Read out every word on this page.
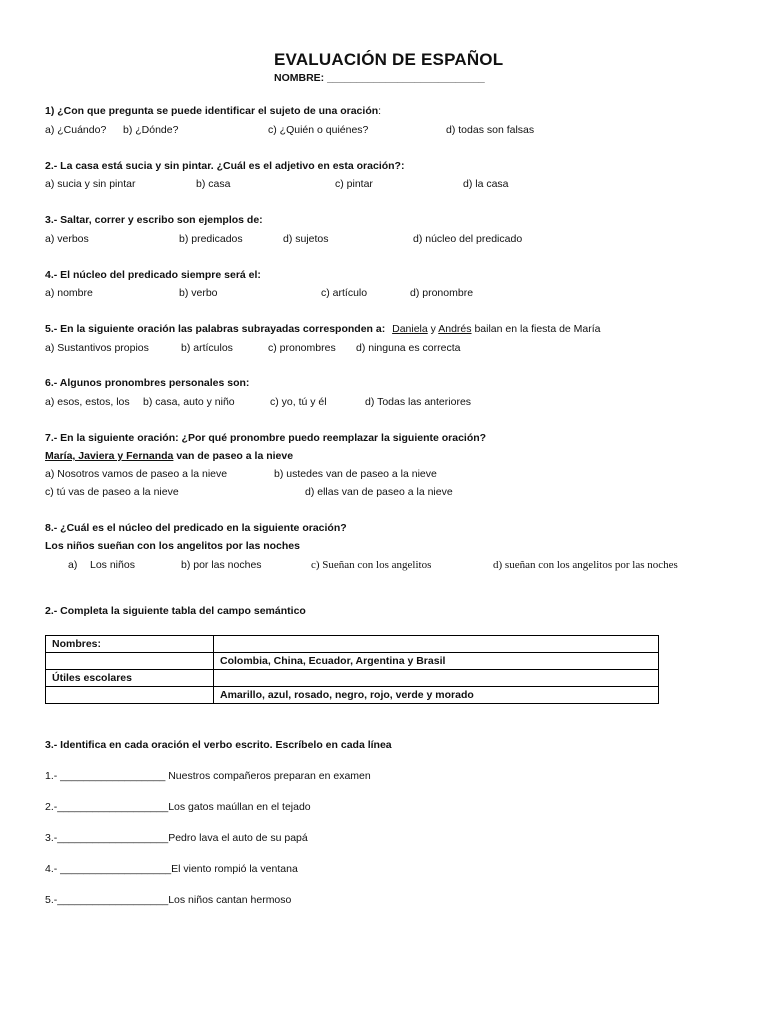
EVALUACIÓN DE ESPAÑOL
NOMBRE: ___________________________
1) ¿Con que pregunta se puede identificar el sujeto de una oración:
a) ¿Cuándo? b) ¿Dónde?	c) ¿Quién o quiénes?	d) todas son falsas
2.- La casa está sucia y sin pintar. ¿Cuál es el adjetivo en esta oración?:
a) sucia y sin pintar	b) casa	c) pintar	d) la casa
3.- Saltar, correr y escribo son ejemplos de:
a) verbos	b) predicados	d) sujetos	d) núcleo del predicado
4.- El núcleo del predicado siempre será el:
a) nombre	b) verbo	c) artículo	d) pronombre
5.- En la siguiente oración las palabras subrayadas corresponden a: Daniela y Andrés bailan en la fiesta de María
a) Sustantivos propios	b) artículos	c) pronombres d) ninguna es correcta
6.- Algunos pronombres personales son:
a) esos, estos, los b) casa, auto y niño	c) yo, tú y él	d) Todas las anteriores
7.- En la siguiente oración: ¿Por qué pronombre puedo reemplazar la siguiente oración?
María, Javiera y Fernanda van de paseo a la nieve
a) Nosotros vamos de paseo a la nieve	b) ustedes van de paseo a la nieve
c) tú vas de paseo a la nieve	d) ellas van de paseo a la nieve
8.- ¿Cuál es el núcleo del predicado en la siguiente oración?
Los niños sueñan con los angelitos por las noches
a) Los niños	b) por las noches	c) Sueñan con los angelitos	d) sueñan con los angelitos por las noches
2.- Completa la siguiente tabla del campo semántico
Nombres:	
	Colombia, China, Ecuador, Argentina y Brasil
Útiles escolares	
	Amarillo, azul, rosado, negro, rojo, verde y morado
3.- Identifica en cada oración el verbo escrito. Escríbelo en cada línea
1.- __________________ Nuestros compañeros preparan en examen
2.-___________________Los gatos maúllan en el tejado
3.-___________________Pedro lava el auto de su papá
4.- ___________________El viento rompió la ventana
5.-___________________Los niños cantan hermoso
